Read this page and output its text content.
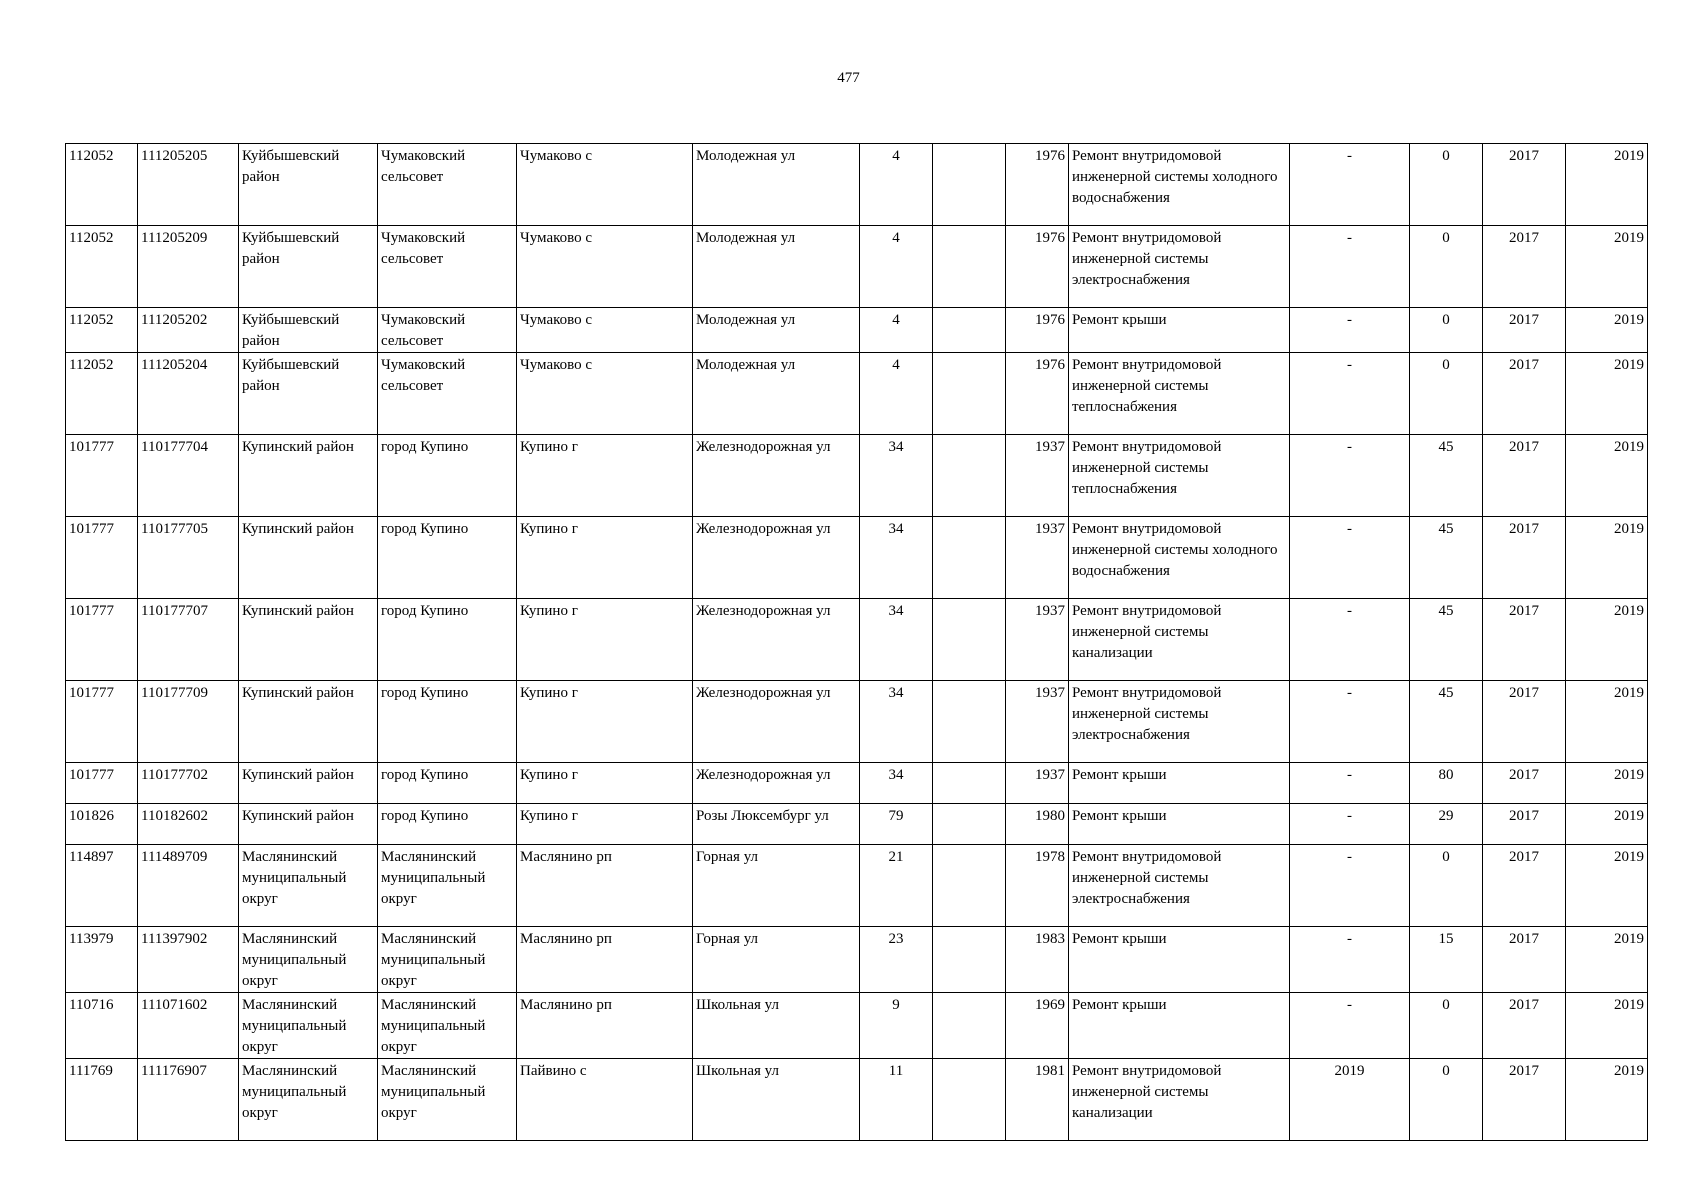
477
112052	111205205	Куйбышевский район	Чумаковский сельсовет	Чумаково с	Молодежная ул	4		1976	Ремонт внутридомовой инженерной системы холодного водоснабжения	-	0	2017	2019
112052	111205209	Куйбышевский район	Чумаковский сельсовет	Чумаково с	Молодежная ул	4		1976	Ремонт внутридомовой инженерной системы электроснабжения	-	0	2017	2019
112052	111205202	Куйбышевский район	Чумаковский сельсовет	Чумаково с	Молодежная ул	4		1976	Ремонт крыши	-	0	2017	2019
112052	111205204	Куйбышевский район	Чумаковский сельсовет	Чумаково с	Молодежная ул	4		1976	Ремонт внутридомовой инженерной системы теплоснабжения	-	0	2017	2019
101777	110177704	Купинский район	город Купино	Купино г	Железнодорожная ул	34		1937	Ремонт внутридомовой инженерной системы теплоснабжения	-	45	2017	2019
101777	110177705	Купинский район	город Купино	Купино г	Железнодорожная ул	34		1937	Ремонт внутридомовой инженерной системы холодного водоснабжения	-	45	2017	2019
101777	110177707	Купинский район	город Купино	Купино г	Железнодорожная ул	34		1937	Ремонт внутридомовой инженерной системы канализации	-	45	2017	2019
101777	110177709	Купинский район	город Купино	Купино г	Железнодорожная ул	34		1937	Ремонт внутридомовой инженерной системы электроснабжения	-	45	2017	2019
101777	110177702	Купинский район	город Купино	Купино г	Железнодорожная ул	34		1937	Ремонт крыши	-	80	2017	2019
101826	110182602	Купинский район	город Купино	Купино г	Розы Люксембург ул	79		1980	Ремонт крыши	-	29	2017	2019
114897	111489709	Маслянинский муниципальный округ	Маслянинский муниципальный округ	Маслянино рп	Горная ул	21		1978	Ремонт внутридомовой инженерной системы электроснабжения	-	0	2017	2019
113979	111397902	Маслянинский муниципальный округ	Маслянинский муниципальный округ	Маслянино рп	Горная ул	23		1983	Ремонт крыши	-	15	2017	2019
110716	111071602	Маслянинский муниципальный округ	Маслянинский муниципальный округ	Маслянино рп	Школьная ул	9		1969	Ремонт крыши	-	0	2017	2019
111769	111176907	Маслянинский муниципальный округ	Маслянинский муниципальный округ	Пайвино с	Школьная ул	11		1981	Ремонт внутридомовой инженерной системы канализации	2019	0	2017	2019
